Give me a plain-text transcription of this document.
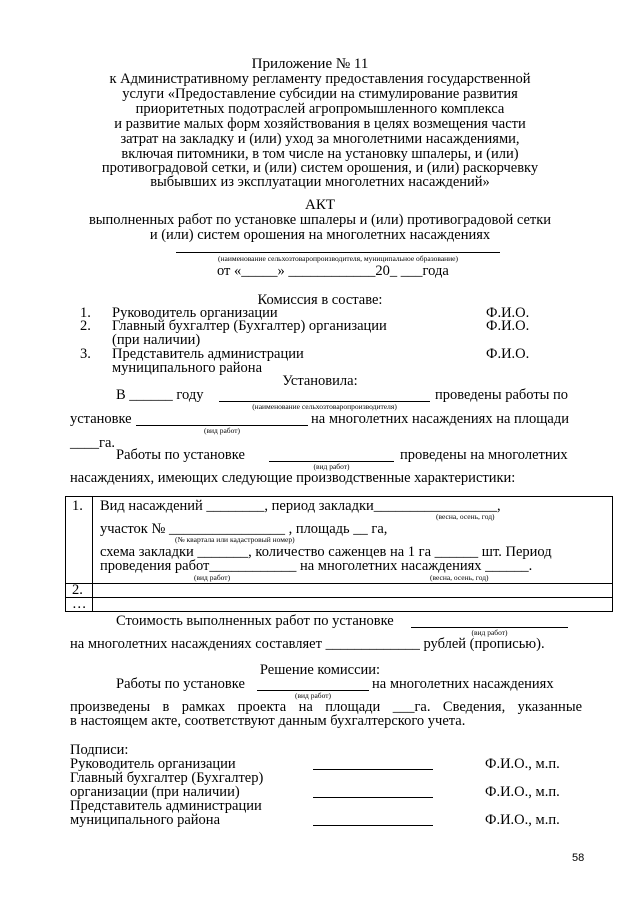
Приложение № 11
к Административному регламенту предоставления государственной
услуги «Предоставление субсидии на стимулирование развития
приоритетных подотраслей агропромышленного комплекса
и развитие малых форм хозяйствования в целях возмещения части
затрат на закладку и (или) уход за многолетними насаждениями,
включая питомники, в том числе на установку шпалеры, и (или)
противоградовой сетки, и (или) систем орошения, и (или) раскорчевку
выбывших из эксплуатации многолетних насаждений»
АКТ
выполненных работ по установке шпалеры и (или) противоградовой сетки
и (или) систем орошения на многолетних насаждениях
(наименование сельхозтоваропроизводителя, муниципальное образование)
от «_____» ____________20_ ___года
Комиссия в составе:
1. Руководитель организации	Ф.И.О.
2. Главный бухгалтер (Бухгалтер) организации	Ф.И.О.
(при наличии)
3. Представитель администрации	Ф.И.О.
муниципального района
Установила:
В ______ году	проведены работы по
(наименование сельхозтоваропроизводителя)
установке	на многолетних насаждениях на площади
(вид работ)
____га.
Работы по установке	проведены на многолетних
(вид работ)
насаждениях, имеющих следующие производственные характеристики:
1. Вид насаждений ________, период закладки_________________,
(весна, осень, год)
участок № ________________ , площадь __ га,
(№ квартала или кадастровый номер)
схема закладки _______, количество саженцев на 1 га ______ шт. Период
проведения работ____________ на многолетних насаждениях ______.
(вид работ)	(весна, осень, год)
2.
…
Стоимость выполненных работ по установке
(вид работ)
на многолетних насаждениях составляет _____________ рублей (прописью).
Решение комиссии:
Работы по установке	на многолетних насаждениях
(вид работ)
произведены в рамках проекта на площади ___га. Сведения, указанные
в настоящем акте, соответствуют данным бухгалтерского учета.
Подписи:
Руководитель организации	Ф.И.О., м.п.
Главный бухгалтер (Бухгалтер)
организации (при наличии)	Ф.И.О., м.п.
Представитель администрации
муниципального района	Ф.И.О., м.п.
58
